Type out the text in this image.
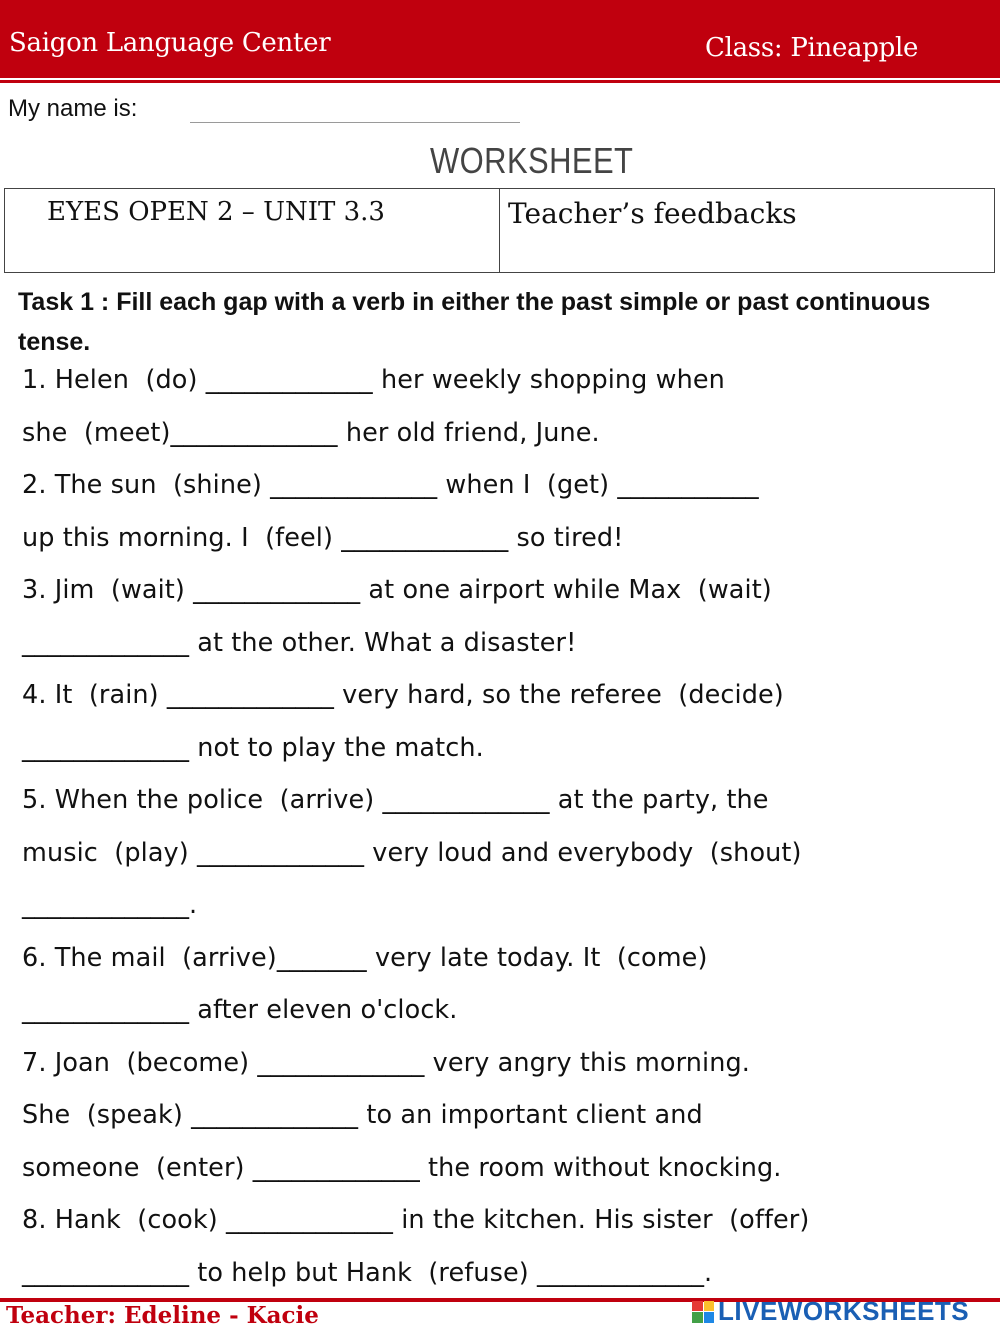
Saigon Language Center	Class: Pineapple
My name is:
WORKSHEET
EYES OPEN 2 – UNIT 3.3	Teacher’s feedbacks
Task 1 : Fill each gap with a verb in either the past simple or past continuous tense.
1. Helen  (do) _____________ her weekly shopping when
she  (meet)_____________ her old friend, June.
2. The sun  (shine) _____________ when I  (get) ___________
up this morning. I  (feel) _____________ so tired!
3. Jim  (wait) _____________ at one airport while Max  (wait)
_____________ at the other. What a disaster!
4. It  (rain) _____________ very hard, so the referee  (decide)
_____________ not to play the match.
5. When the police  (arrive) _____________ at the party, the
music  (play) _____________ very loud and everybody  (shout)
_____________.
6. The mail  (arrive)_______ very late today. It  (come)
_____________ after eleven o'clock.
7. Joan  (become) _____________ very angry this morning.
She  (speak) _____________ to an important client and
someone  (enter) _____________ the room without knocking.
8. Hank  (cook) _____________ in the kitchen. His sister  (offer)
_____________ to help but Hank  (refuse) _____________.
Teacher: Edeline - Kacie	LIVEWORKSHEETS
